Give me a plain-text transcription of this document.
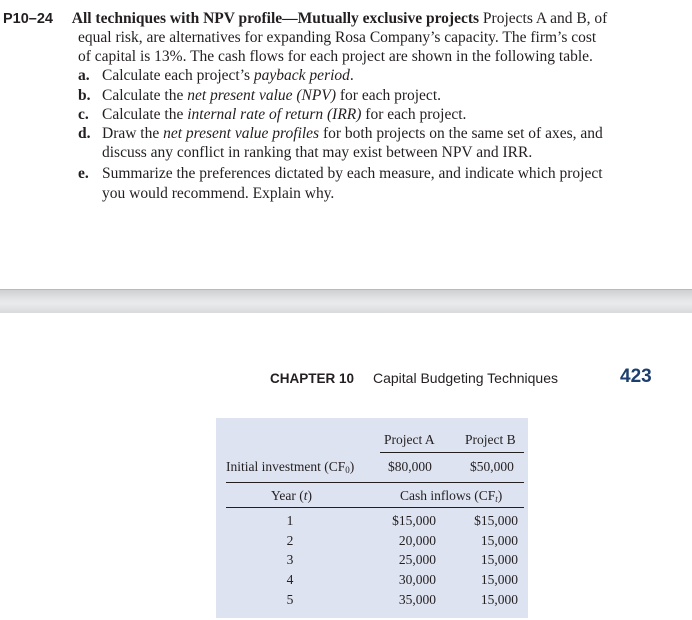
P10–24 All techniques with NPV profile—Mutually exclusive projects Projects A and B, of
equal risk, are alternatives for expanding Rosa Company’s capacity. The firm’s cost
of capital is 13%. The cash flows for each project are shown in the following table.
a. Calculate each project’s payback period.
b. Calculate the net present value (NPV) for each project.
c. Calculate the internal rate of return (IRR) for each project.
d. Draw the net present value profiles for both projects on the same set of axes, and
discuss any conflict in ranking that may exist between NPV and IRR.
e. Summarize the preferences dictated by each measure, and indicate which project
you would recommend. Explain why.
CHAPTER 10 Capital Budgeting Techniques	423
Project A Project B
Initial investment $(CF_0)$	$80,000	$50,000
Year (t)	Cash inflows $(CF_t)$
1	$15,000	$15,000
2	20,000	15,000
3	25,000	15,000
4	30,000	15,000
5	35,000	15,000
